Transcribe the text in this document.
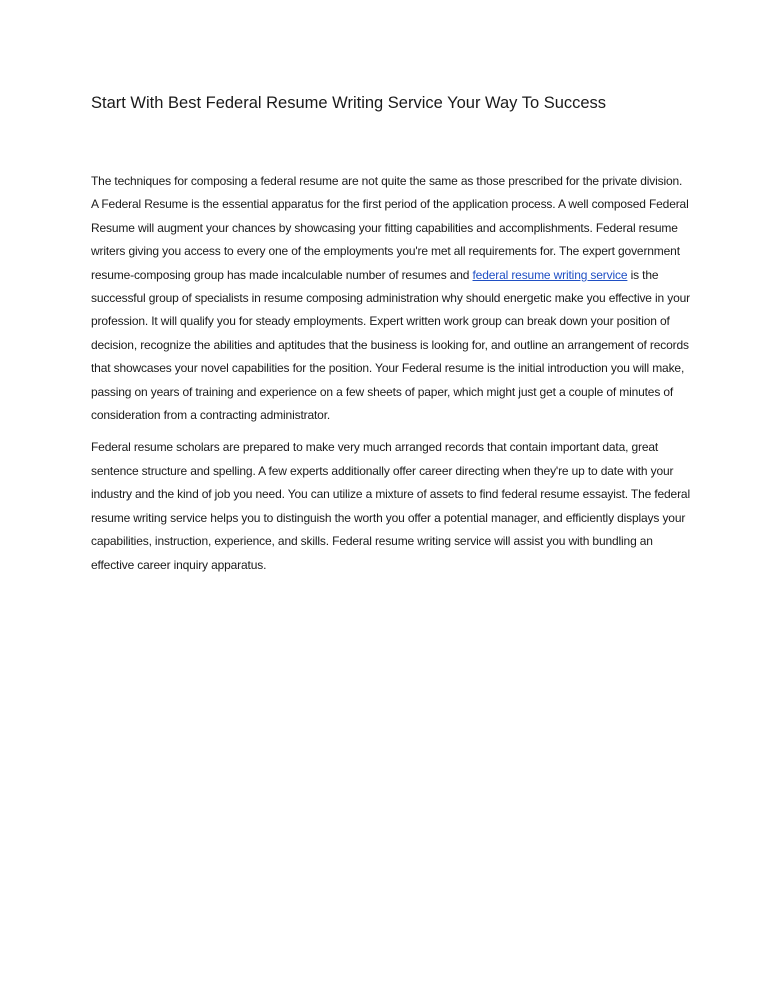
Start With Best Federal Resume Writing Service Your Way To Success

The techniques for composing a federal resume are not quite the same as those prescribed for the private division. A Federal Resume is the essential apparatus for the first period of the application process. A well composed Federal Resume will augment your chances by showcasing your fitting capabilities and accomplishments. Federal resume writers giving you access to every one of the employments you're met all requirements for. The expert government resume-composing group has made incalculable number of resumes and federal resume writing service is the successful group of specialists in resume composing administration why should energetic make you effective in your profession. It will qualify you for steady employments. Expert written work group can break down your position of decision, recognize the abilities and aptitudes that the business is looking for, and outline an arrangement of records that showcases your novel capabilities for the position. Your Federal resume is the initial introduction you will make, passing on years of training and experience on a few sheets of paper, which might just get a couple of minutes of consideration from a contracting administrator.

Federal resume scholars are prepared to make very much arranged records that contain important data, great sentence structure and spelling. A few experts additionally offer career directing when they're up to date with your industry and the kind of job you need. You can utilize a mixture of assets to find federal resume essayist. The federal resume writing service helps you to distinguish the worth you offer a potential manager, and efficiently displays your capabilities, instruction, experience, and skills. Federal resume writing service will assist you with bundling an effective career inquiry apparatus.
